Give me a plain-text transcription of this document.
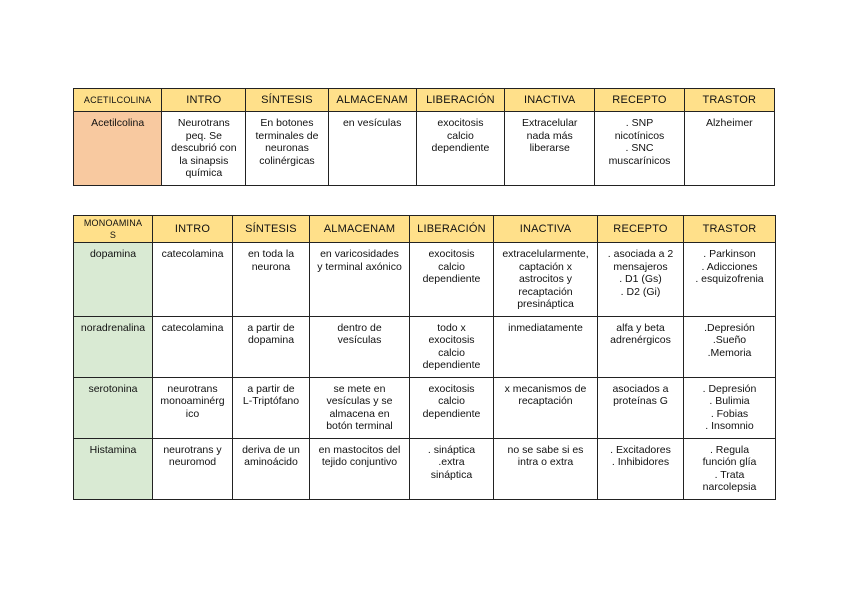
ACETILCOLINA	INTRO	SÍNTESIS	ALMACENAM	LIBERACIÓN	INACTIVA	RECEPTO	TRASTOR

Acetilcolina	Neurotrans
peq. Se
descubrió con
la sinapsis
química	En botones
terminales de
neuronas
colinérgicas	en vesículas	exocitosis
calcio
dependiente	Extracelular
nada más
liberarse	. SNP
nicotínicos
. SNC
muscarínicos	Alzheimer
MONOAMINA
S	INTRO	SÍNTESIS	ALMACENAM	LIBERACIÓN	INACTIVA	RECEPTO	TRASTOR

dopamina	catecolamina	en toda la
neurona	en varicosidades
y terminal axónico	exocitosis
calcio
dependiente	extracelularmente,
captación x
astrocitos y
recaptación
presináptica	. asociada a 2
mensajeros
. D1 (Gs)
. D2 (Gi)	. Parkinson
. Adicciones
. esquizofrenia

noradrenalina	catecolamina	a partir de
dopamina	dentro de
vesículas	todo x
exocitosis
calcio
dependiente	inmediatamente	alfa y beta
adrenérgicos	.Depresión
.Sueño
.Memoria

serotonina	neurotrans
monoaminérg
ico	a partir de
L-Triptófano	se mete en
vesículas y se
almacena en
botón terminal	exocitosis
calcio
dependiente	x mecanismos de
recaptación	asociados a
proteínas G	. Depresión
. Bulimia
. Fobias
. Insomnio

Histamina	neurotrans y
neuromod	deriva de un
aminoácido	en mastocitos del
tejido conjuntivo	. sináptica
.extra
sináptica	no se sabe si es
intra o extra	. Excitadores
. Inhibidores	. Regula
función glía
. Trata
narcolepsia
